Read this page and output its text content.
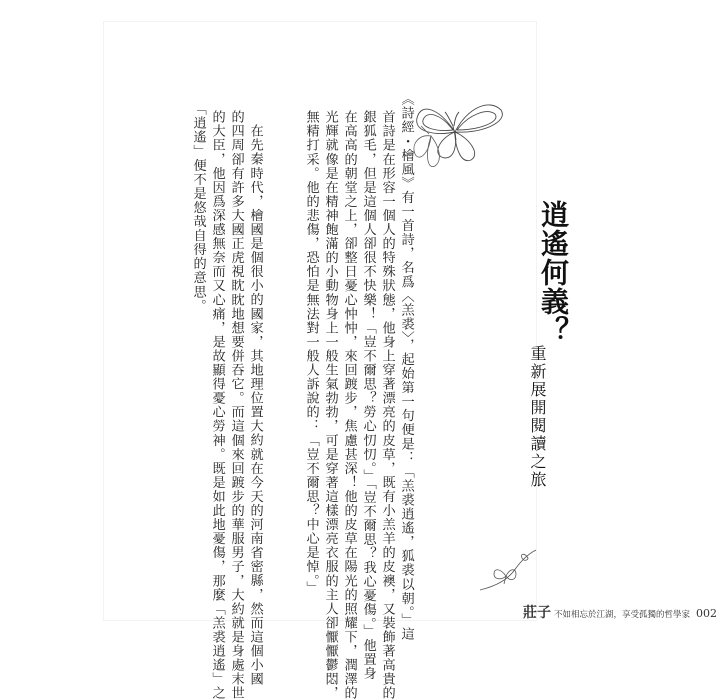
逍遙何義？
重新展開閱讀之旅
《詩經・檜風》有一首詩，名爲〈羔裘〉，起始第一句便是：「羔裘逍遙，狐裘以朝。」這
首詩是在形容一個人的特殊狀態，他身上穿著漂亮的皮草，既有小羔羊的皮襖，又裝飾著高貴的
銀狐毛，但是這個人卻很不快樂！「豈不爾思？勞心忉忉。」「豈不爾思？我心憂傷。」他置身
在高高的朝堂之上，卻整日憂心忡忡，來回踱步，焦慮甚深！他的皮草在陽光的照耀下，潤澤的
光輝就像是在精神飽滿的小動物身上一般生氣勃勃，可是穿著這樣漂亮衣服的主人卻懨懨鬱悶，
無精打采。他的悲傷，恐怕是無法對一般人訴說的：「豈不爾思？中心是悼。」
在先秦時代，檜國是個很小的國家，其地理位置大約就在今天的河南省密縣，然而這個小國
的四周卻有許多大國正虎視眈眈地想要併吞它。而這個來回踱步的華服男子，大約就是身處末世
的大臣，他因爲深感無奈而又心痛，是故顯得憂心勞神。既是如此地憂傷，那麼「羔裘逍遙」之
「逍遙」便不是悠哉自得的意思。
莊子 不如相忘於江湖，享受孤獨的哲學家 002
